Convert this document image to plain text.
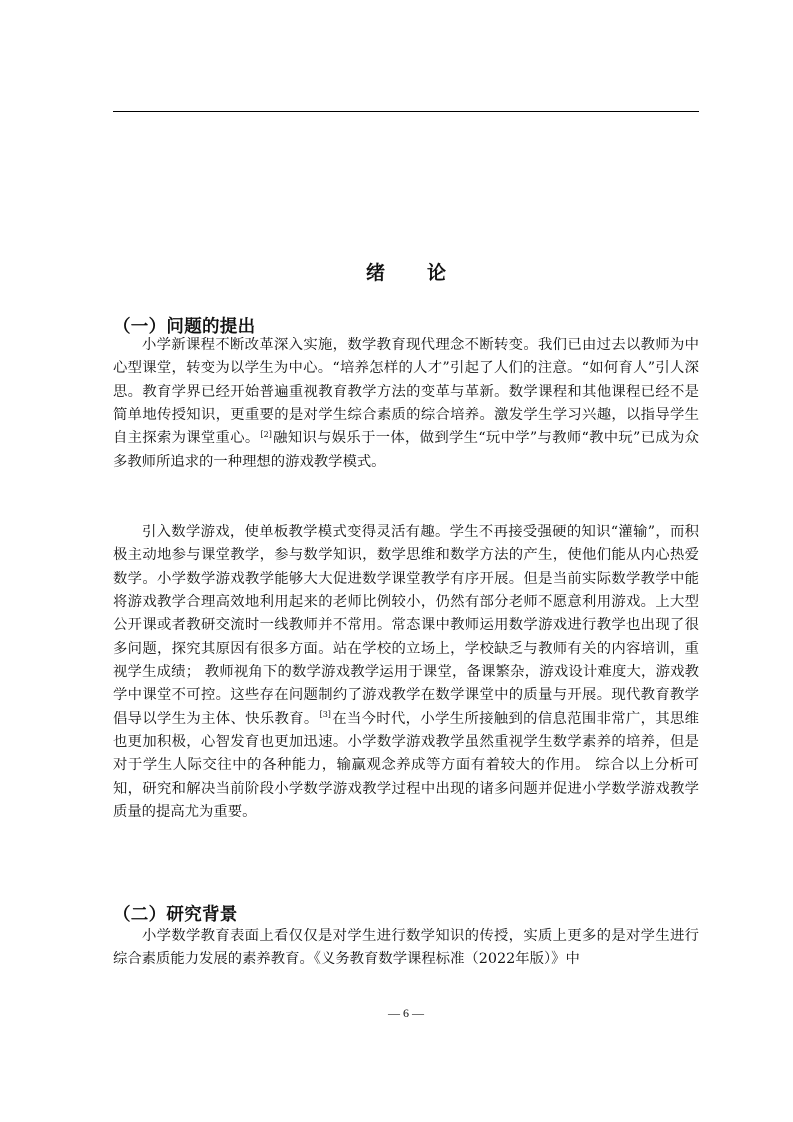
绪论
（一）问题的提出

小学新课程不断改革深入实施，数学教育现代理念不断转变。我们已由过去以教师为中心型课堂，转变为以学生为中心。“培养怎样的人才”引起了人们的注意。“如何育人”引人深思。教育学界已经开始普遍重视教育教学方法的变革与革新。数学课程和其他课程已经不是简单地传授知识，更重要的是对学生综合素质的综合培养。激发学生学习兴趣，以指导学生自主探索为课堂重心。[2]融知识与娱乐于一体，做到学生“玩中学”与教师“教中玩”已成为众多教师所追求的一种理想的游戏教学模式。

引入数学游戏，使单板教学模式变得灵活有趣。学生不再接受强硬的知识“灌输”，而积极主动地参与课堂教学，参与数学知识，数学思维和数学方法的产生，使他们能从内心热爱数学。小学数学游戏教学能够大大促进数学课堂教学有序开展。但是当前实际数学教学中能将游戏教学合理高效地利用起来的老师比例较小，仍然有部分老师不愿意利用游戏。上大型公开课或者教研交流时一线教师并不常用。常态课中教师运用数学游戏进行教学也出现了很多问题，探究其原因有很多方面。站在学校的立场上，学校缺乏与教师有关的内容培训，重视学生成绩； 教师视角下的数学游戏教学运用于课堂，备课繁杂，游戏设计难度大，游戏教学中课堂不可控。这些存在问题制约了游戏教学在数学课堂中的质量与开展。现代教育教学倡导以学生为主体、快乐教育。[3]在当今时代，小学生所接触到的信息范围非常广，其思维也更加积极，心智发育也更加迅速。小学数学游戏教学虽然重视学生数学素养的培养，但是对于学生人际交往中的各种能力，输赢观念养成等方面有着较大的作用。 综合以上分析可知，研究和解决当前阶段小学数学游戏教学过程中出现的诸多问题并促进小学数学游戏教学质量的提高尤为重要。

（二）研究背景

小学数学教育表面上看仅仅是对学生进行数学知识的传授，实质上更多的是对学生进行综合素质能力发展的素养教育。《义务教育数学课程标准（2022年版）》中

— 6 —
